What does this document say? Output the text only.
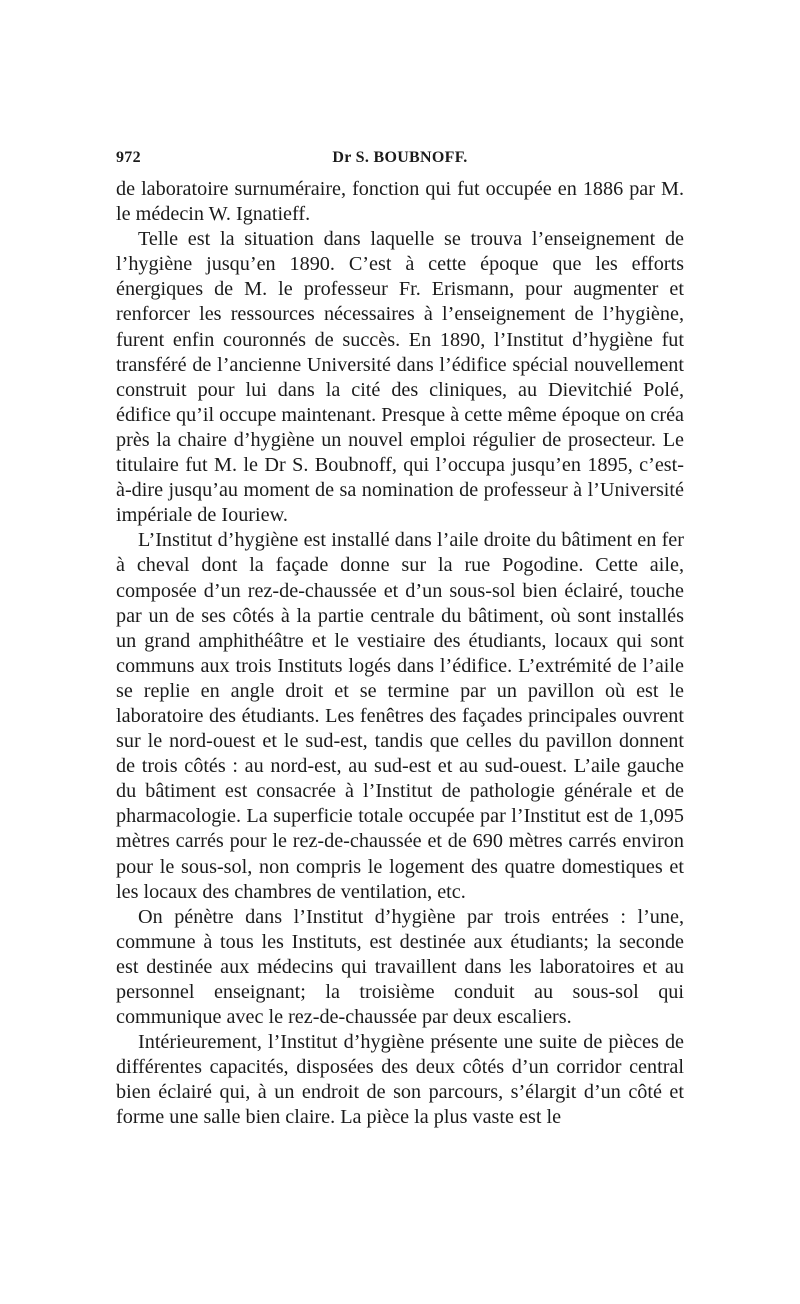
972	Dr S. BOUBNOFF.

de laboratoire surnuméraire, fonction qui fut occupée en 1886 par M. le médecin W. Ignatieff.

Telle est la situation dans laquelle se trouva l’enseignement de l’hygiène jusqu’en 1890. C’est à cette époque que les efforts énergiques de M. le professeur Fr. Erismann, pour augmenter et renforcer les ressources nécessaires à l’enseignement de l’hygiène, furent enfin couronnés de succès. En 1890, l’Institut d’hygiène fut transféré de l’ancienne Université dans l’édifice spécial nouvellement construit pour lui dans la cité des cliniques, au Dievitchié Polé, édifice qu’il occupe maintenant. Presque à cette même époque on créa près la chaire d’hygiène un nouvel emploi régulier de prosecteur. Le titulaire fut M. le Dr S. Boubnoff, qui l’occupa jusqu’en 1895, c’est-à-dire jusqu’au moment de sa nomination de professeur à l’Université impériale de Iouriew.

L’Institut d’hygiène est installé dans l’aile droite du bâtiment en fer à cheval dont la façade donne sur la rue Pogodine. Cette aile, composée d’un rez-de-chaussée et d’un sous-sol bien éclairé, touche par un de ses côtés à la partie centrale du bâtiment, où sont installés un grand amphithéâtre et le vestiaire des étudiants, locaux qui sont communs aux trois Instituts logés dans l’édifice. L’extrémité de l’aile se replie en angle droit et se termine par un pavillon où est le laboratoire des étudiants. Les fenêtres des façades principales ouvrent sur le nord-ouest et le sud-est, tandis que celles du pavillon donnent de trois côtés : au nord-est, au sud-est et au sud-ouest. L’aile gauche du bâtiment est consacrée à l’Institut de pathologie générale et de pharmacologie. La superficie totale occupée par l’Institut est de 1,095 mètres carrés pour le rez-de-chaussée et de 690 mètres carrés environ pour le sous-sol, non compris le logement des quatre domestiques et les locaux des chambres de ventilation, etc.

On pénètre dans l’Institut d’hygiène par trois entrées : l’une, commune à tous les Instituts, est destinée aux étudiants; la seconde est destinée aux médecins qui travaillent dans les laboratoires et au personnel enseignant; la troisième conduit au sous-sol qui communique avec le rez-de-chaussée par deux escaliers.

Intérieurement, l’Institut d’hygiène présente une suite de pièces de différentes capacités, disposées des deux côtés d’un corridor central bien éclairé qui, à un endroit de son parcours, s’élargit d’un côté et forme une salle bien claire. La pièce la plus vaste est le
